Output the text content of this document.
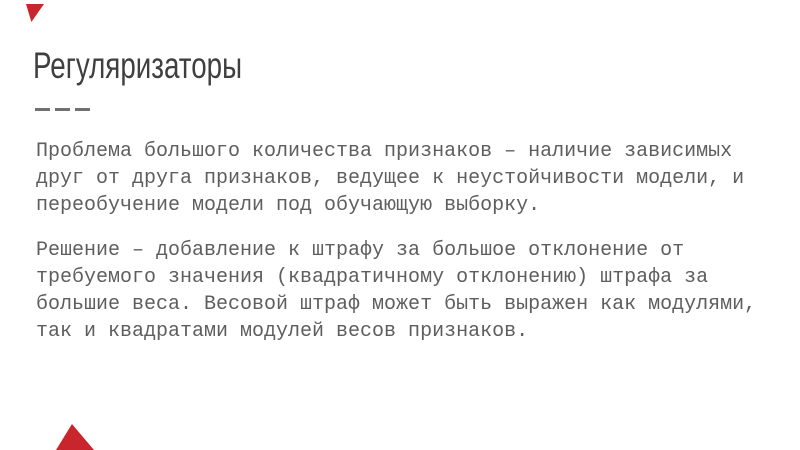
Регуляризаторы
Проблема большого количества признаков – наличие зависимых
друг от друга признаков, ведущее к неустойчивости модели, и
переобучение модели под обучающую выборку.
Решение – добавление к штрафу за большое отклонение от
требуемого значения (квадратичному отклонению) штрафа за
большие веса. Весовой штраф может быть выражен как модулями,
так и квадратами модулей весов признаков.
